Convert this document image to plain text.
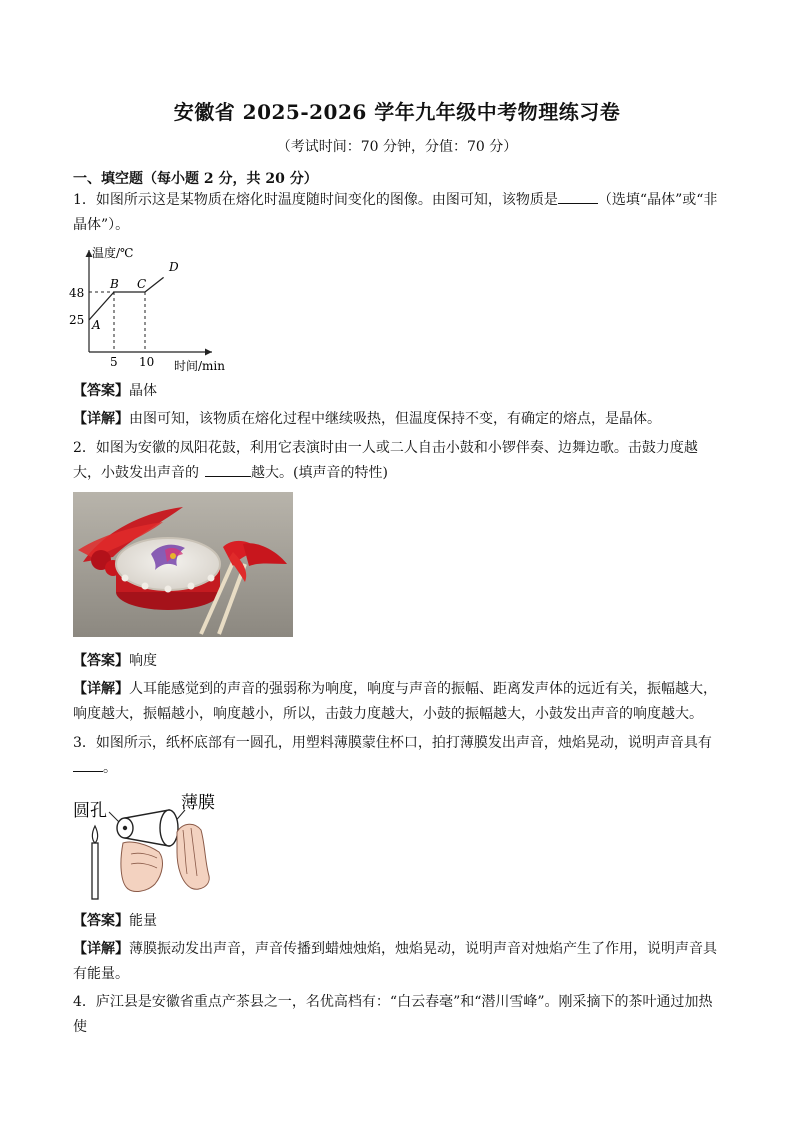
安徽省 2025-2026 学年九年级中考物理练习卷
（考试时间：70 分钟，分值：70 分）
一、填空题（每小题 2 分，共 20 分）
1．如图所示这是某物质在熔化时温度随时间变化的图像。由图可知，该物质是	（选填“晶体”或“非晶体”）。
温度/℃
时间/min
48
25
5 10
A
B C
D
【答案】晶体
【详解】由图可知，该物质在熔化过程中继续吸热，但温度保持不变，有确定的熔点，是晶体。
2．如图为安徽的凤阳花鼓，利用它表演时由一人或二人自击小鼓和小锣伴奏、边舞边歌。击鼓力度越大，小鼓发出声音的	越大。(填声音的特性)
【答案】响度
【详解】人耳能感觉到的声音的强弱称为响度，响度与声音的振幅、距离发声体的远近有关，振幅越大，响度越大，振幅越小，响度越小，所以，击鼓力度越大，小鼓的振幅越大，小鼓发出声音的响度越大。
3．如图所示，纸杯底部有一圆孔，用塑料薄膜蒙住杯口，拍打薄膜发出声音，烛焰晃动，说明声音具有。
圆孔	薄膜
【答案】能量
【详解】薄膜振动发出声音，声音传播到蜡烛烛焰，烛焰晃动，说明声音对烛焰产生了作用，说明声音具有能量。
4．庐江县是安徽省重点产茶县之一，名优高档有：“白云春毫”和“潜川雪峰”。刚采摘下的茶叶通过加热使
